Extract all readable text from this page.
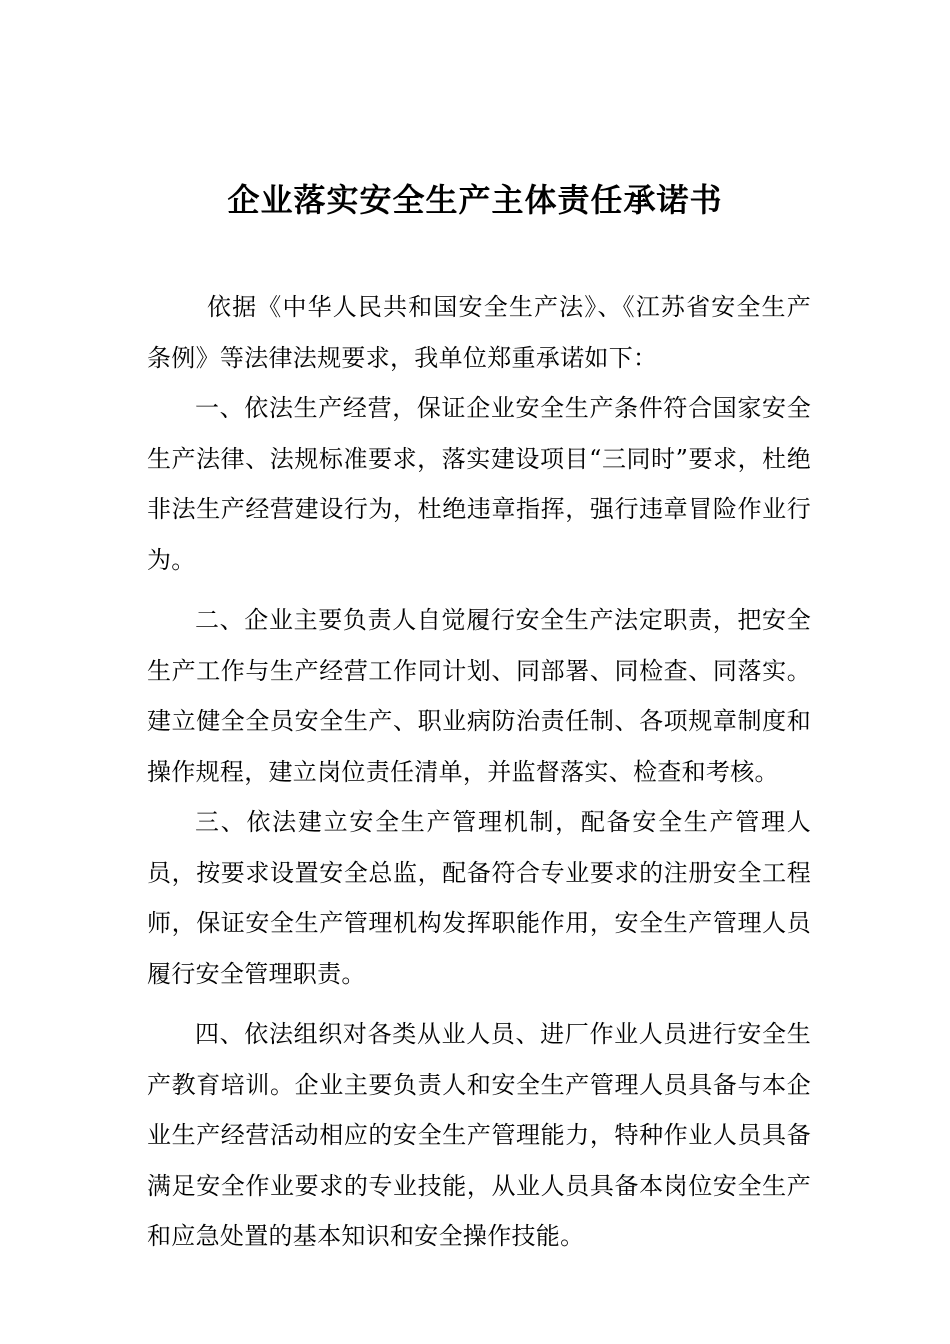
企业落实安全生产主体责任承诺书

依据《中华人民共和国安全生产法》、《江苏省安全生产条例》等法律法规要求，我单位郑重承诺如下：

一、依法生产经营，保证企业安全生产条件符合国家安全生产法律、法规标准要求，落实建设项目“三同时”要求，杜绝非法生产经营建设行为，杜绝违章指挥，强行违章冒险作业行为。

二、企业主要负责人自觉履行安全生产法定职责，把安全生产工作与生产经营工作同计划、同部署、同检查、同落实。建立健全全员安全生产、职业病防治责任制、各项规章制度和操作规程，建立岗位责任清单，并监督落实、检查和考核。

三、依法建立安全生产管理机制，配备安全生产管理人员，按要求设置安全总监，配备符合专业要求的注册安全工程师，保证安全生产管理机构发挥职能作用，安全生产管理人员履行安全管理职责。

四、依法组织对各类从业人员、进厂作业人员进行安全生产教育培训。企业主要负责人和安全生产管理人员具备与本企业生产经营活动相应的安全生产管理能力，特种作业人员具备满足安全作业要求的专业技能，从业人员具备本岗位安全生产和应急处置的基本知识和安全操作技能。
